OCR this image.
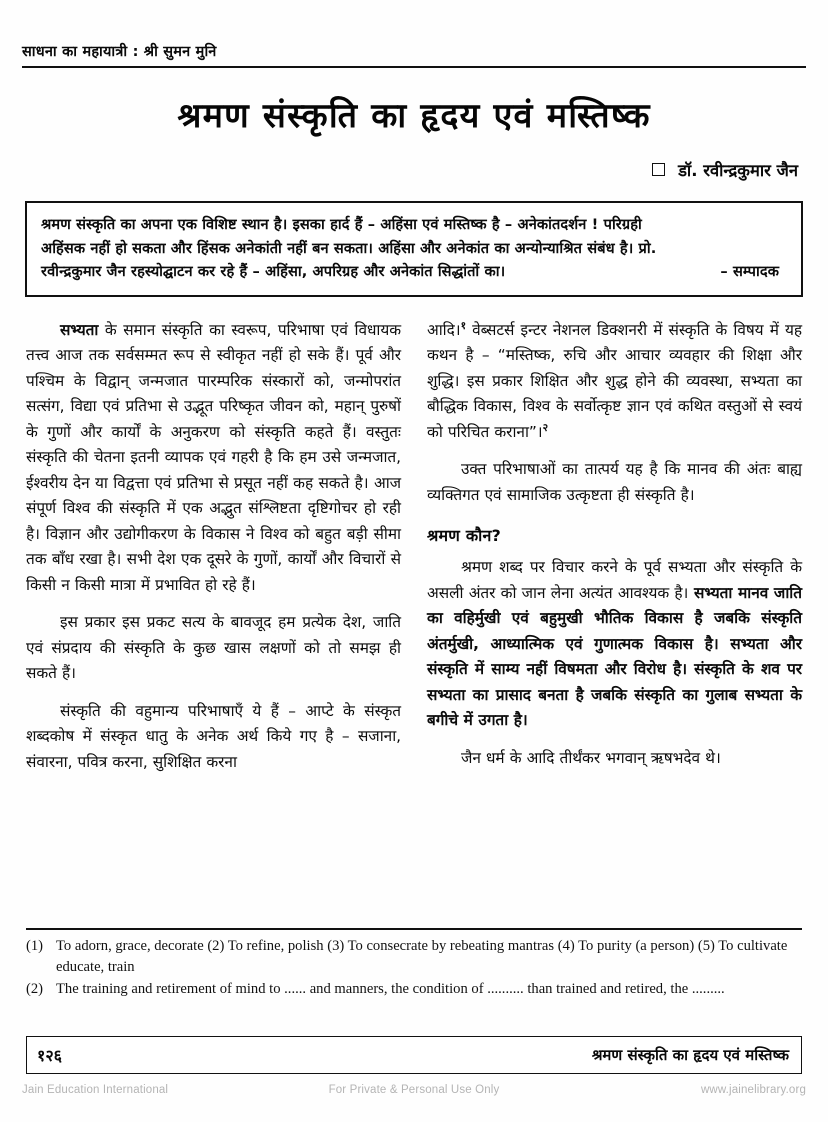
साधना का महायात्री : श्री सुमन मुनि
श्रमण संस्कृति का हृदय एवं मस्तिष्क
डॉ. रवीन्द्रकुमार जैन
श्रमण संस्कृति का अपना एक विशिष्ट स्थान है। इसका हार्द हैं – अहिंसा एवं मस्तिष्क है – अनेकांतदर्शन ! परिग्रही
अहिंसक नहीं हो सकता और हिंसक अनेकांती नहीं बन सकता। अहिंसा और अनेकांत का अन्योन्याश्रित संबंध है। प्रो.
रवीन्द्रकुमार जैन रहस्योद्घाटन कर रहे हैं – अहिंसा, अपरिग्रह और अनेकांत सिद्धांतों का।	– सम्पादक

सभ्यता के समान संस्कृति का स्वरूप, परिभाषा एवं विधायक तत्त्व आज तक सर्वसम्मत रूप से स्वीकृत नहीं हो सके हैं। पूर्व और पश्चिम के विद्वान् जन्मजात पारम्परिक संस्कारों को, जन्मोपरांत सत्संग, विद्या एवं प्रतिभा से उद्भूत परिष्कृत जीवन को, महान् पुरुषों के गुणों और कार्यों के अनुकरण को संस्कृति कहते हैं। वस्तुतः संस्कृति की चेतना इतनी व्यापक एवं गहरी है कि हम उसे जन्मजात, ईश्वरीय देन या विद्वत्ता एवं प्रतिभा से प्रसूत नहीं कह सकते है। आज संपूर्ण विश्व की संस्कृति में एक अद्भुत संश्लिष्टता दृष्टिगोचर हो रही है। विज्ञान और उद्योगीकरण के विकास ने विश्व को बहुत बड़ी सीमा तक बाँध रखा है। सभी देश एक दूसरे के गुणों, कार्यों और विचारों से किसी न किसी मात्रा में प्रभावित हो रहे हैं।

इस प्रकार इस प्रकट सत्य के बावजूद हम प्रत्येक देश, जाति एवं संप्रदाय की संस्कृति के कुछ खास लक्षणों को तो समझ ही सकते हैं।

संस्कृति की वहुमान्य परिभाषाएँ ये हैं – आप्टे के संस्कृत शब्दकोष में संस्कृत धातु के अनेक अर्थ किये गए है – सजाना, संवारना, पवित्र करना, सुशिक्षित करना

आदि।$^१$ वेब्सटर्स इन्टर नेशनल डिक्शनरी में संस्कृति के विषय में यह कथन है – “मस्तिष्क, रुचि और आचार व्यवहार की शिक्षा और शुद्धि। इस प्रकार शिक्षित और शुद्ध होने की व्यवस्था, सभ्यता का बौद्धिक विकास, विश्व के सर्वोत्कृष्ट ज्ञान एवं कथित वस्तुओं से स्वयं को परिचित कराना”।$^२$

उक्त परिभाषाओं का तात्पर्य यह है कि मानव की अंतः बाह्य व्यक्तिगत एवं सामाजिक उत्कृष्टता ही संस्कृति है।

श्रमण कौन?

श्रमण शब्द पर विचार करने के पूर्व सभ्यता और संस्कृति के असली अंतर को जान लेना अत्यंत आवश्यक है। सभ्यता मानव जाति का वहिर्मुखी एवं बहुमुखी भौतिक विकास है जबकि संस्कृति अंतर्मुखी, आध्यात्मिक एवं गुणात्मक विकास है। सभ्यता और संस्कृति में साम्य नहीं विषमता और विरोध है। संस्कृति के शव पर सभ्यता का प्रासाद बनता है जबकि संस्कृति का गुलाब सभ्यता के बगीचे में उगता है।

जैन धर्म के आदि तीर्थंकर भगवान् ऋषभदेव थे।

(1) To adorn, grace, decorate (2) To refine, polish (3) To consecrate by rebeating mantras (4) To purity (a person) (5) To cultivate educate, train
(2) The training and retirement of mind to ...... and manners, the condition of .......... than trained and retired, the .........
१२६	श्रमण संस्कृति का हृदय एवं मस्तिष्क
Jain Education International	For Private & Personal Use Only	www.jainelibrary.org
